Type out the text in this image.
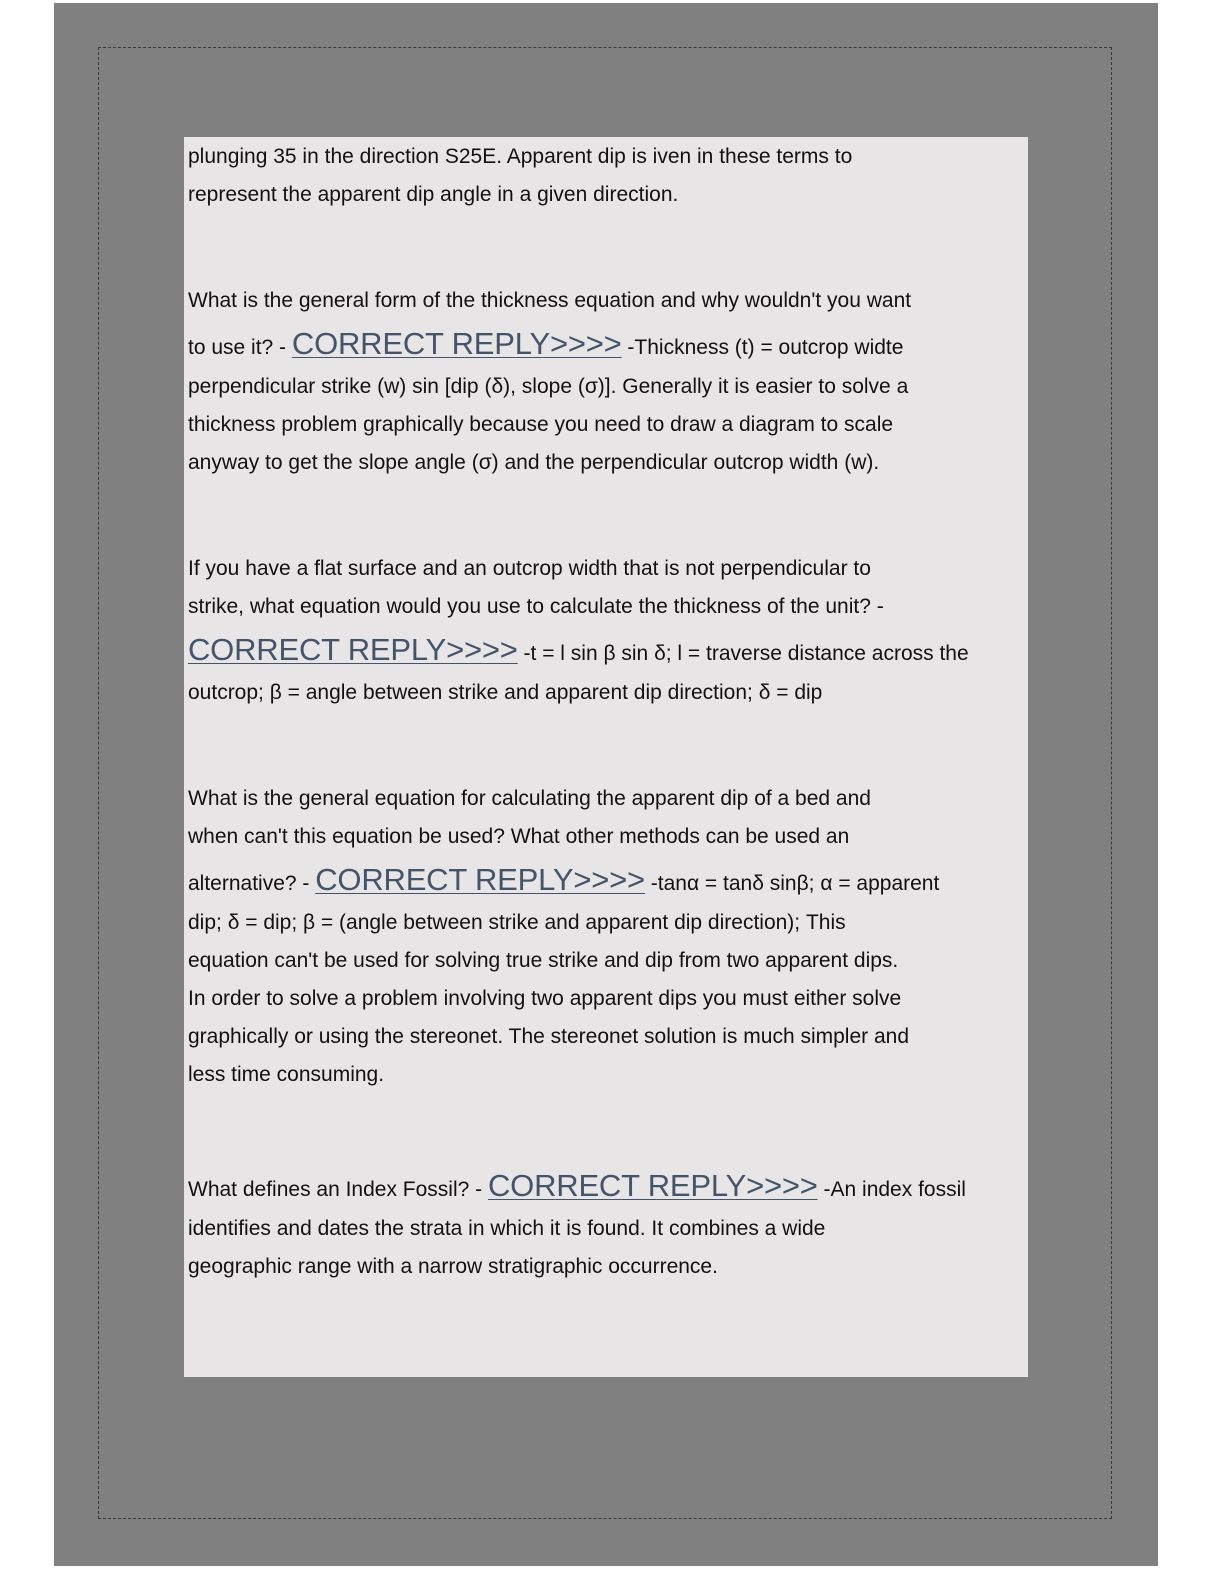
plunging 35 in the direction S25E. Apparent dip is iven in these terms to
represent the apparent dip angle in a given direction.
What is the general form of the thickness equation and why wouldn't you want
to use it? - CORRECT REPLY>>>> -Thickness (t) = outcrop widte
perpendicular strike (w) sin [dip (δ), slope (σ)]. Generally it is easier to solve a
thickness problem graphically because you need to draw a diagram to scale
anyway to get the slope angle (σ) and the perpendicular outcrop width (w).
If you have a flat surface and an outcrop width that is not perpendicular to
strike, what equation would you use to calculate the thickness of the unit? -
CORRECT REPLY>>>> -t = l sin β sin δ; l = traverse distance across the
outcrop; β = angle between strike and apparent dip direction; δ = dip
What is the general equation for calculating the apparent dip of a bed and
when can't this equation be used? What other methods can be used an
alternative? - CORRECT REPLY>>>> -tanα = tanδ sinβ; α = apparent
dip; δ = dip; β = (angle between strike and apparent dip direction); This
equation can't be used for solving true strike and dip from two apparent dips.
In order to solve a problem involving two apparent dips you must either solve
graphically or using the stereonet. The stereonet solution is much simpler and
less time consuming.
What defines an Index Fossil? - CORRECT REPLY>>>> -An index fossil
identifies and dates the strata in which it is found. It combines a wide
geographic range with a narrow stratigraphic occurrence.
